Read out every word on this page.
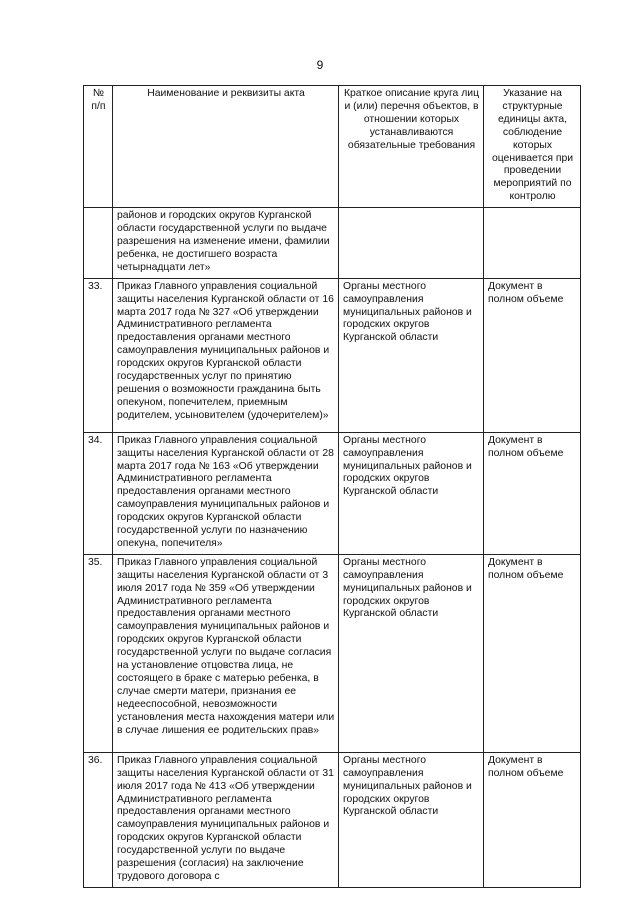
9
№ п/п	Наименование и реквизиты акта	Краткое описание круга лиц и (или) перечня объектов, в отношении которых устанавливаются обязательные требования	Указание на структурные единицы акта, соблюдение которых оценивается при проведении мероприятий по контролю
	районов и городских округов Курганской области государственной услуги по выдаче разрешения на изменение имени, фамилии ребенка, не достигшего возраста четырнадцати лет»		
33.	Приказ Главного управления социальной защиты населения Курганской области от 16 марта 2017 года № 327 «Об утверждении Административного регламента предоставления органами местного самоуправления муниципальных районов и городских округов Курганской области государственных услуг по принятию решения о возможности гражданина быть опекуном, попечителем, приемным родителем, усыновителем (удочерителем)»	Органы местного самоуправления муниципальных районов и городских округов Курганской области	Документ в полном объеме
34.	Приказ Главного управления социальной защиты населения Курганской области от 28 марта 2017 года № 163 «Об утверждении Административного регламента предоставления органами местного самоуправления муниципальных районов и городских округов Курганской области государственной услуги по назначению опекуна, попечителя»	Органы местного самоуправления муниципальных районов и городских округов Курганской области	Документ в полном объеме
35.	Приказ Главного управления социальной защиты населения Курганской области от 3 июля 2017 года № 359 «Об утверждении Административного регламента предоставления органами местного самоуправления муниципальных районов и городских округов Курганской области государственной услуги по выдаче согласия на установление отцовства лица, не состоящего в браке с матерью ребенка, в случае смерти матери, признания ее недееспособной, невозможности установления места нахождения матери или в случае лишения ее родительских прав»	Органы местного самоуправления муниципальных районов и городских округов Курганской области	Документ в полном объеме
36.	Приказ Главного управления социальной защиты населения Курганской области от 31 июля 2017 года № 413 «Об утверждении Административного регламента предоставления органами местного самоуправления муниципальных районов и городских округов Курганской области государственной услуги по выдаче разрешения (согласия) на заключение трудового договора с	Органы местного самоуправления муниципальных районов и городских округов Курганской области	Документ в полном объеме
